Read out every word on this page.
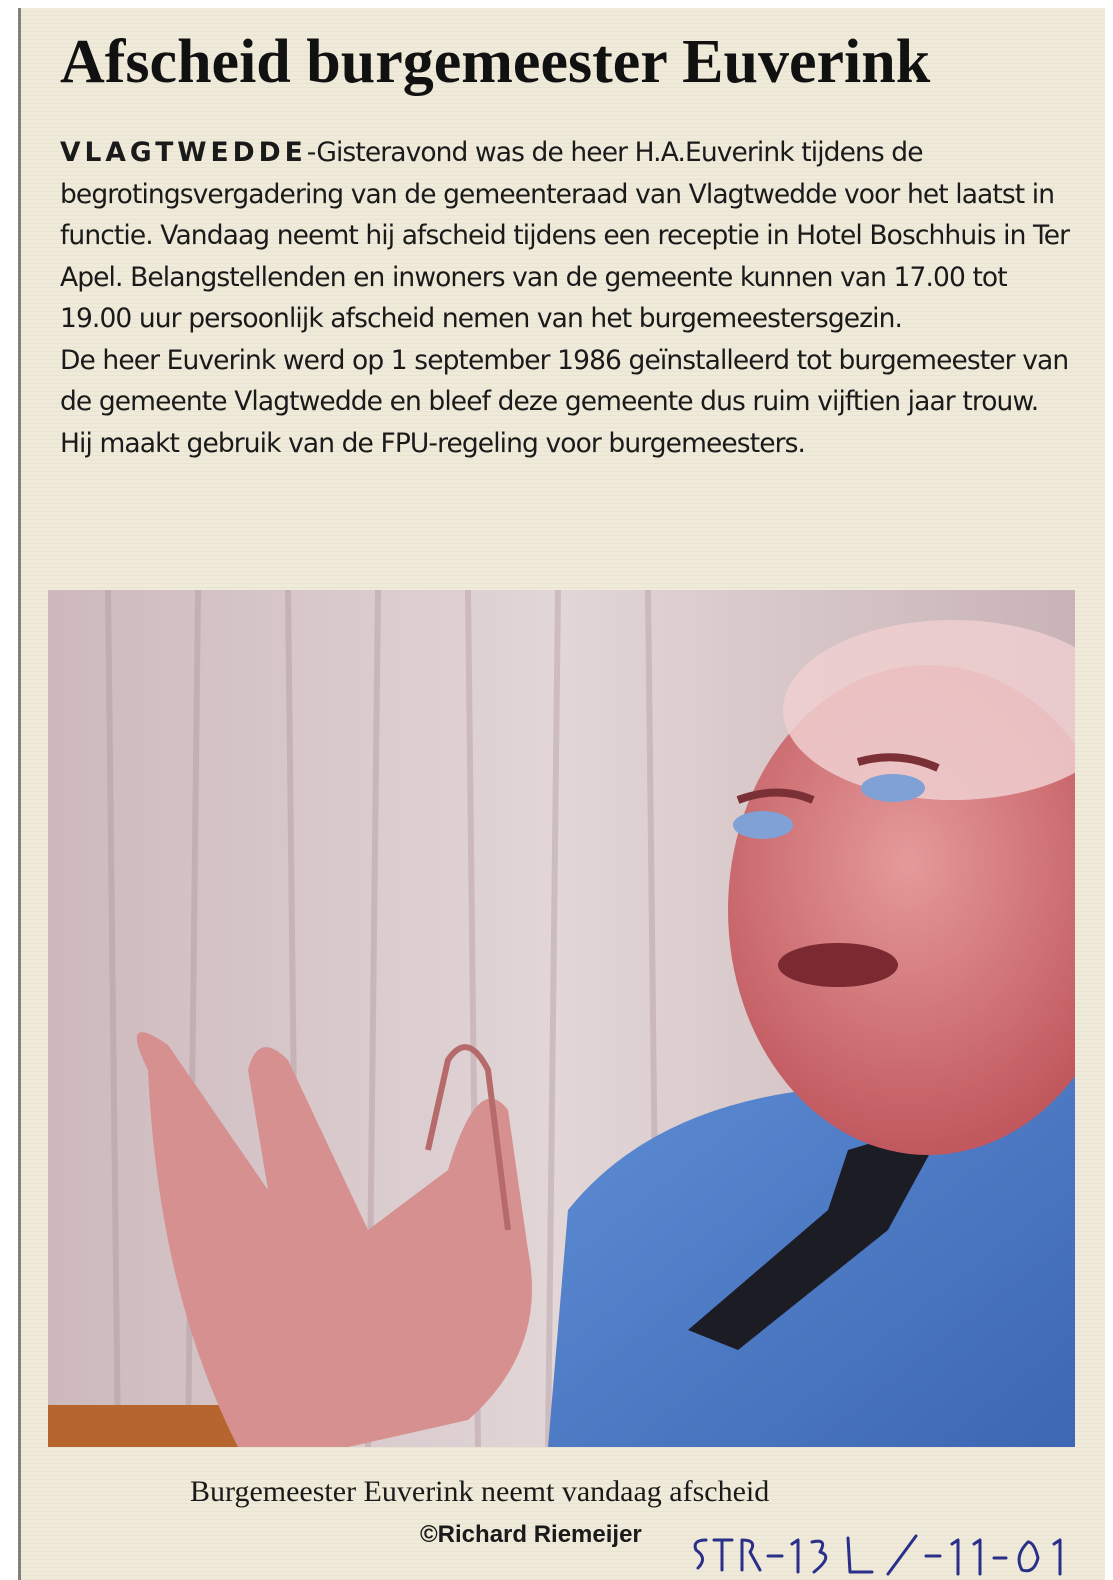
Afscheid burgemeester Euverink

VLAGTWEDDE-Gisteravond was de heer H.A.Euverink tijdens de begrotingsvergadering van de gemeenteraad van Vlagtwedde voor het laatst in functie. Vandaag neemt hij afscheid tijdens een receptie in Hotel Boschhuis in Ter Apel. Belangstellenden en inwoners van de gemeente kunnen van 17.00 tot 19.00 uur persoonlijk afscheid nemen van het burgemeestersgezin.

De heer Euverink werd op 1 september 1986 geïnstalleerd tot burgemeester van de gemeente Vlagtwedde en bleef deze gemeente dus ruim vijftien jaar trouw. Hij maakt gebruik van de FPU-regeling voor burgemeesters.

Burgemeester Euverink neemt vandaag afscheid
©Richard Riemeijer
